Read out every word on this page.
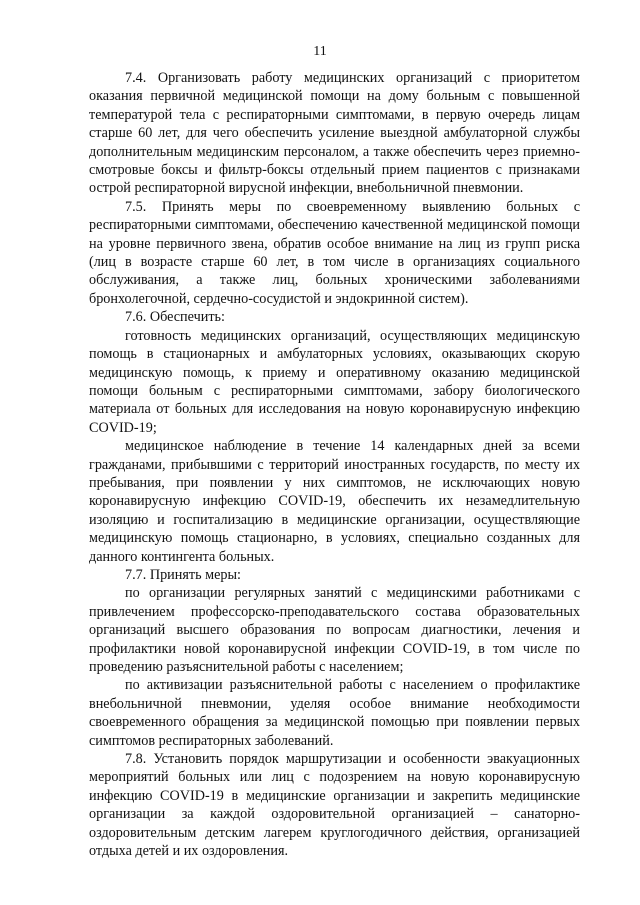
11

7.4. Организовать работу медицинских организаций с приоритетом оказания первичной медицинской помощи на дому больным с повышенной температурой тела с респираторными симптомами, в первую очередь лицам старше 60 лет, для чего обеспечить усиление выездной амбулаторной службы дополнительным медицинским персоналом, а также обеспечить через приемно-смотровые боксы и фильтр-боксы отдельный прием пациентов с признаками острой респираторной вирусной инфекции, внебольничной пневмонии.

7.5. Принять меры по своевременному выявлению больных с респираторными симптомами, обеспечению качественной медицинской помощи на уровне первичного звена, обратив особое внимание на лиц из групп риска (лиц в возрасте старше 60 лет, в том числе в организациях социального обслуживания, а также лиц, больных хроническими заболеваниями бронхолегочной, сердечно-сосудистой и эндокринной систем).

7.6. Обеспечить:

готовность медицинских организаций, осуществляющих медицинскую помощь в стационарных и амбулаторных условиях, оказывающих скорую медицинскую помощь, к приему и оперативному оказанию медицинской помощи больным с респираторными симптомами, забору биологического материала от больных для исследования на новую коронавирусную инфекцию COVID-19;

медицинское наблюдение в течение 14 календарных дней за всеми гражданами, прибывшими с территорий иностранных государств, по месту их пребывания, при появлении у них симптомов, не исключающих новую коронавирусную инфекцию COVID-19, обеспечить их незамедлительную изоляцию и госпитализацию в медицинские организации, осуществляющие медицинскую помощь стационарно, в условиях, специально созданных для данного контингента больных.

7.7. Принять меры:

по организации регулярных занятий с медицинскими работниками с привлечением профессорско-преподавательского состава образовательных организаций высшего образования по вопросам диагностики, лечения и профилактики новой коронавирусной инфекции COVID-19, в том числе по проведению разъяснительной работы с населением;

по активизации разъяснительной работы с населением о профилактике внебольничной пневмонии, уделяя особое внимание необходимости своевременного обращения за медицинской помощью при появлении первых симптомов респираторных заболеваний.

7.8. Установить порядок маршрутизации и особенности эвакуационных мероприятий больных или лиц с подозрением на новую коронавирусную инфекцию COVID-19 в медицинские организации и закрепить медицинские организации за каждой оздоровительной организацией – санаторно-оздоровительным детским лагерем круглогодичного действия, организацией отдыха детей и их оздоровления.
